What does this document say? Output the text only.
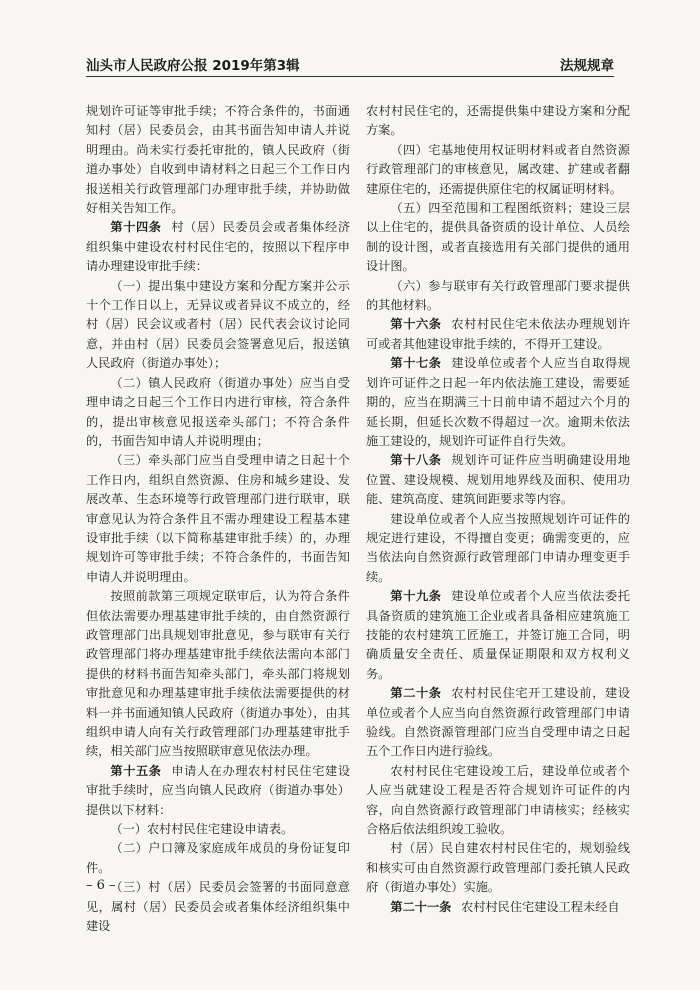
汕头市人民政府公报 2019年第3辑	法规规章

规划许可证等审批手续；不符合条件的，书面通知村（居）民委员会，由其书面告知申请人并说明理由。尚未实行委托审批的，镇人民政府（街道办事处）自收到申请材料之日起三个工作日内报送相关行政管理部门办理审批手续，并协助做好相关告知工作。

第十四条 村（居）民委员会或者集体经济组织集中建设农村村民住宅的，按照以下程序申请办理建设审批手续：

（一）提出集中建设方案和分配方案并公示十个工作日以上，无异议或者异议不成立的，经村（居）民会议或者村（居）民代表会议讨论同意，并由村（居）民委员会签署意见后，报送镇人民政府（街道办事处）；

（二）镇人民政府（街道办事处）应当自受理申请之日起三个工作日内进行审核，符合条件的，提出审核意见报送牵头部门；不符合条件的，书面告知申请人并说明理由；

（三）牵头部门应当自受理申请之日起十个工作日内，组织自然资源、住房和城乡建设、发展改革、生态环境等行政管理部门进行联审，联审意见认为符合条件且不需办理建设工程基本建设审批手续（以下简称基建审批手续）的，办理规划许可等审批手续；不符合条件的，书面告知申请人并说明理由。

按照前款第三项规定联审后，认为符合条件但依法需要办理基建审批手续的，由自然资源行政管理部门出具规划审批意见，参与联审有关行政管理部门将办理基建审批手续依法需向本部门提供的材料书面告知牵头部门，牵头部门将规划审批意见和办理基建审批手续依法需要提供的材料一并书面通知镇人民政府（街道办事处），由其组织申请人向有关行政管理部门办理基建审批手续，相关部门应当按照联审意见依法办理。

第十五条 申请人在办理农村村民住宅建设审批手续时，应当向镇人民政府（街道办事处）提供以下材料：

（一）农村村民住宅建设申请表。

（二）户口簿及家庭成年成员的身份证复印件。

（三）村（居）民委员会签署的书面同意意见，属村（居）民委员会或者集体经济组织集中建设

农村村民住宅的，还需提供集中建设方案和分配方案。

（四）宅基地使用权证明材料或者自然资源行政管理部门的审核意见，属改建、扩建或者翻建原住宅的，还需提供原住宅的权属证明材料。

（五）四至范围和工程图纸资料；建设三层以上住宅的，提供具备资质的设计单位、人员绘制的设计图，或者直接选用有关部门提供的通用设计图。

（六）参与联审有关行政管理部门要求提供的其他材料。

第十六条 农村村民住宅未依法办理规划许可或者其他建设审批手续的，不得开工建设。

第十七条 建设单位或者个人应当自取得规划许可证件之日起一年内依法施工建设，需要延期的，应当在期满三十日前申请不超过六个月的延长期，但延长次数不得超过一次。逾期未依法施工建设的，规划许可证件自行失效。

第十八条 规划许可证件应当明确建设用地位置、建设规模、规划用地界线及面积、使用功能、建筑高度、建筑间距要求等内容。

建设单位或者个人应当按照规划许可证件的规定进行建设，不得擅自变更；确需变更的，应当依法向自然资源行政管理部门申请办理变更手续。

第十九条 建设单位或者个人应当依法委托具备资质的建筑施工企业或者具备相应建筑施工技能的农村建筑工匠施工，并签订施工合同，明确质量安全责任、质量保证期限和双方权利义务。

第二十条 农村村民住宅开工建设前，建设单位或者个人应当向自然资源行政管理部门申请验线。自然资源管理部门应当自受理申请之日起五个工作日内进行验线。

农村村民住宅建设竣工后，建设单位或者个人应当就建设工程是否符合规划许可证件的内容，向自然资源行政管理部门申请核实；经核实合格后依法组织竣工验收。

村（居）民自建农村村民住宅的，规划验线和核实可由自然资源行政管理部门委托镇人民政府（街道办事处）实施。

第二十一条 农村村民住宅建设工程未经自

– 6 –
